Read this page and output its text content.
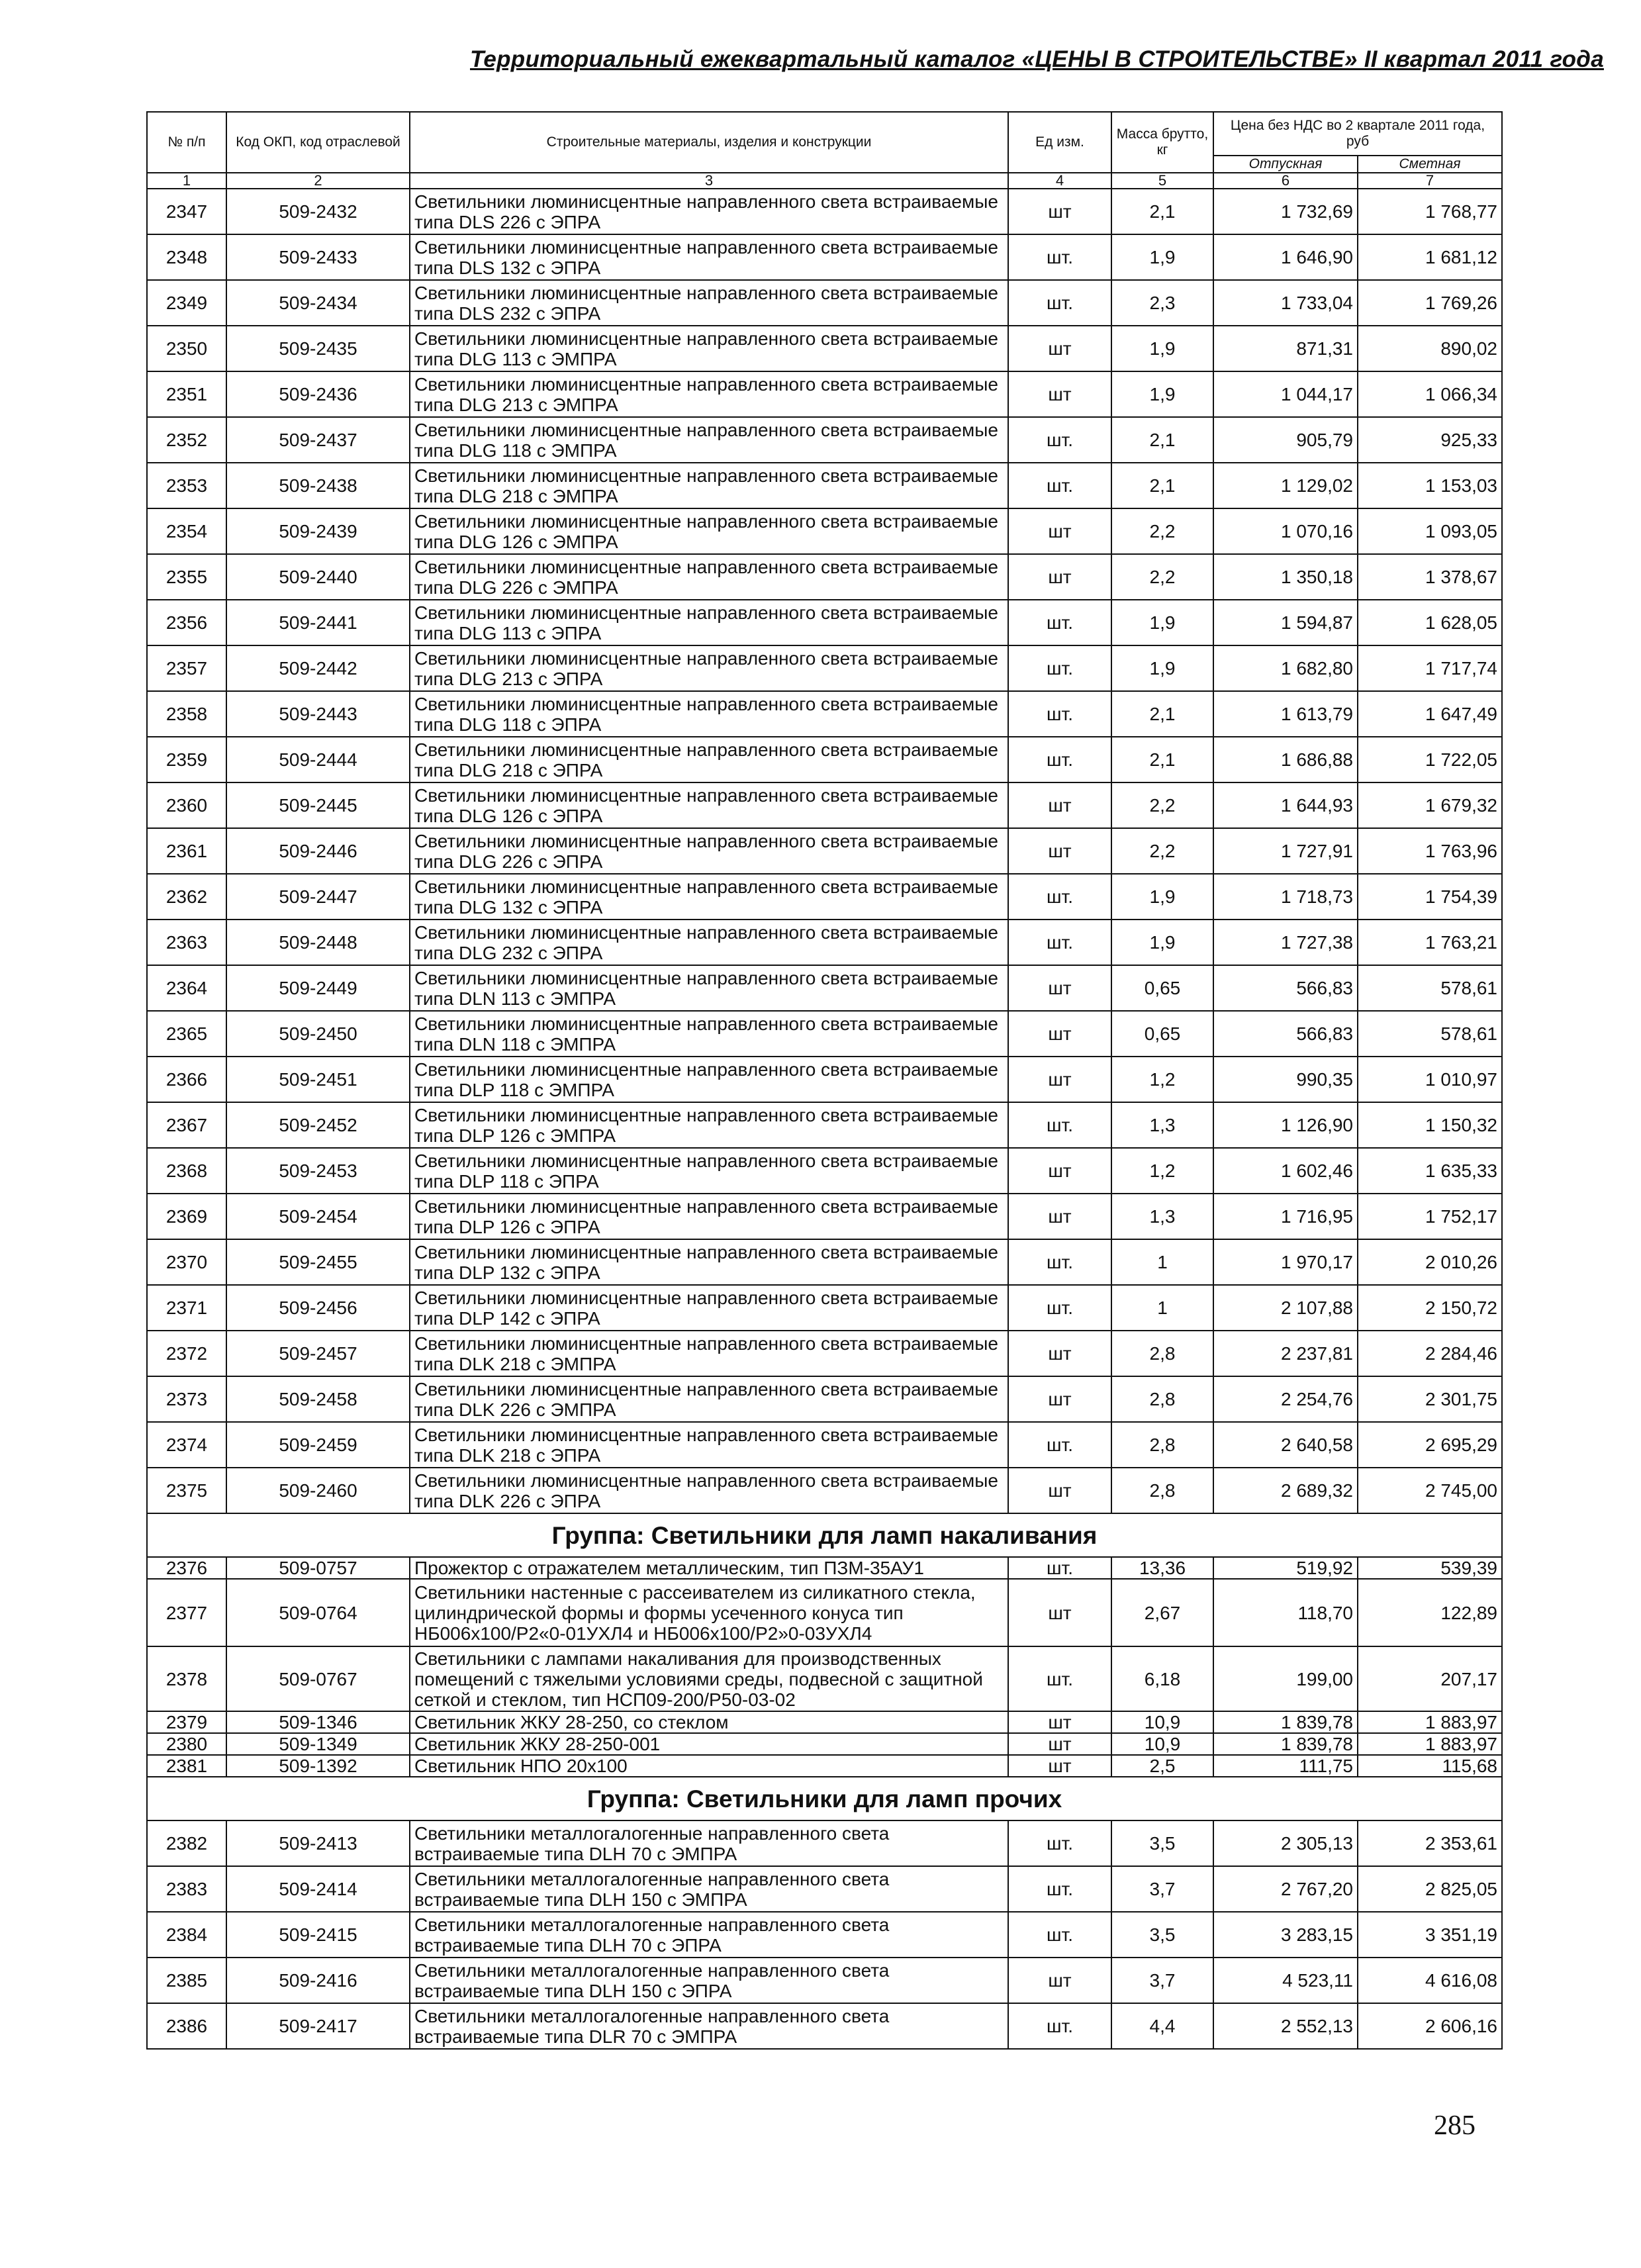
Территориальный ежеквартальный каталог «ЦЕНЫ В СТРОИТЕЛЬСТВЕ» II квартал 2011 года
№ п/п	Код ОКП, код отраслевой	Строительные материалы, изделия и конструкции	Ед изм.	Масса брутто, кг	Цена без НДС во 2 квартале 2011 года, руб	
					Отпускная	Сметная
1	2	3	4	5	6	7
2347	509-2432	Светильники люминисцентные направленного света встраиваемые типа DLS 226 с ЭПРА	шт	2,1	1 732,69	1 768,77
2348	509-2433	Светильники люминисцентные направленного света встраиваемые типа DLS 132 с ЭПРА	шт.	1,9	1 646,90	1 681,12
2349	509-2434	Светильники люминисцентные направленного света встраиваемые типа DLS 232 с ЭПРА	шт.	2,3	1 733,04	1 769,26
2350	509-2435	Светильники люминисцентные направленного света встраиваемые типа DLG 113 с ЭМПРА	шт	1,9	871,31	890,02
2351	509-2436	Светильники люминисцентные направленного света встраиваемые типа DLG 213 с ЭМПРА	шт	1,9	1 044,17	1 066,34
2352	509-2437	Светильники люминисцентные направленного света встраиваемые типа DLG 118 с ЭМПРА	шт.	2,1	905,79	925,33
2353	509-2438	Светильники люминисцентные направленного света встраиваемые типа DLG 218 с ЭМПРА	шт.	2,1	1 129,02	1 153,03
2354	509-2439	Светильники люминисцентные направленного света встраиваемые типа DLG 126 с ЭМПРА	шт	2,2	1 070,16	1 093,05
2355	509-2440	Светильники люминисцентные направленного света встраиваемые типа DLG 226 с ЭМПРА	шт	2,2	1 350,18	1 378,67
2356	509-2441	Светильники люминисцентные направленного света встраиваемые типа DLG 113 с ЭПРА	шт.	1,9	1 594,87	1 628,05
2357	509-2442	Светильники люминисцентные направленного света встраиваемые типа DLG 213 с ЭПРА	шт.	1,9	1 682,80	1 717,74
2358	509-2443	Светильники люминисцентные направленного света встраиваемые типа DLG 118 с ЭПРА	шт.	2,1	1 613,79	1 647,49
2359	509-2444	Светильники люминисцентные направленного света встраиваемые типа DLG 218 с ЭПРА	шт.	2,1	1 686,88	1 722,05
2360	509-2445	Светильники люминисцентные направленного света встраиваемые типа DLG 126 с ЭПРА	шт	2,2	1 644,93	1 679,32
2361	509-2446	Светильники люминисцентные направленного света встраиваемые типа DLG 226 с ЭПРА	шт	2,2	1 727,91	1 763,96
2362	509-2447	Светильники люминисцентные направленного света встраиваемые типа DLG 132 с ЭПРА	шт.	1,9	1 718,73	1 754,39
2363	509-2448	Светильники люминисцентные направленного света встраиваемые типа DLG 232 с ЭПРА	шт.	1,9	1 727,38	1 763,21
2364	509-2449	Светильники люминисцентные направленного света встраиваемые типа DLN 113 с ЭМПРА	шт	0,65	566,83	578,61
2365	509-2450	Светильники люминисцентные направленного света встраиваемые типа DLN 118 с ЭМПРА	шт	0,65	566,83	578,61
2366	509-2451	Светильники люминисцентные направленного света встраиваемые типа DLP 118 с ЭМПРА	шт	1,2	990,35	1 010,97
2367	509-2452	Светильники люминисцентные направленного света встраиваемые типа DLP 126 с ЭМПРА	шт.	1,3	1 126,90	1 150,32
2368	509-2453	Светильники люминисцентные направленного света встраиваемые типа DLP 118 с ЭПРА	шт	1,2	1 602,46	1 635,33
2369	509-2454	Светильники люминисцентные направленного света встраиваемые типа DLP 126 с ЭПРА	шт	1,3	1 716,95	1 752,17
2370	509-2455	Светильники люминисцентные направленного света встраиваемые типа DLP 132 с ЭПРА	шт.	1	1 970,17	2 010,26
2371	509-2456	Светильники люминисцентные направленного света встраиваемые типа DLP 142 с ЭПРА	шт.	1	2 107,88	2 150,72
2372	509-2457	Светильники люминисцентные направленного света встраиваемые типа DLK 218 с ЭМПРА	шт	2,8	2 237,81	2 284,46
2373	509-2458	Светильники люминисцентные направленного света встраиваемые типа DLK 226 с ЭМПРА	шт	2,8	2 254,76	2 301,75
2374	509-2459	Светильники люминисцентные направленного света встраиваемые типа DLK 218 с ЭПРА	шт.	2,8	2 640,58	2 695,29
2375	509-2460	Светильники люминисцентные направленного света встраиваемые типа DLK 226 с ЭПРА	шт	2,8	2 689,32	2 745,00
Группа: Светильники для ламп накаливания						
2376	509-0757	Прожектор с отражателем металлическим, тип ПЗМ-35АУ1	шт.	13,36	519,92	539,39
2377	509-0764	Светильники настенные с рассеивателем из силикатного стекла, цилиндрической формы и формы усеченного конуса тип НБ006х100/Р2«0-01УХЛ4 и НБ006х100/Р2»0-03УХЛ4	шт	2,67	118,70	122,89
2378	509-0767	Светильники с лампами накаливания для производственных помещений с тяжелыми условиями среды, подвесной с защитной сеткой и стеклом, тип НСП09-200/Р50-03-02	шт.	6,18	199,00	207,17
2379	509-1346	Светильник ЖКУ 28-250, со стеклом	шт	10,9	1 839,78	1 883,97
2380	509-1349	Светильник ЖКУ 28-250-001	шт	10,9	1 839,78	1 883,97
2381	509-1392	Светильник НПО 20х100	шт	2,5	111,75	115,68
Группа: Светильники для ламп прочих						
2382	509-2413	Светильники металлогалогенные направленного света встраиваемые типа DLH 70 с ЭМПРА	шт.	3,5	2 305,13	2 353,61
2383	509-2414	Светильники металлогалогенные направленного света встраиваемые типа DLH 150 с ЭМПРА	шт.	3,7	2 767,20	2 825,05
2384	509-2415	Светильники металлогалогенные направленного света встраиваемые типа DLH 70 с ЭПРА	шт.	3,5	3 283,15	3 351,19
2385	509-2416	Светильники металлогалогенные направленного света встраиваемые типа DLH 150 с ЭПРА	шт	3,7	4 523,11	4 616,08
2386	509-2417	Светильники металлогалогенные направленного света встраиваемые типа DLR 70 с ЭМПРА	шт.	4,4	2 552,13	2 606,16
285
